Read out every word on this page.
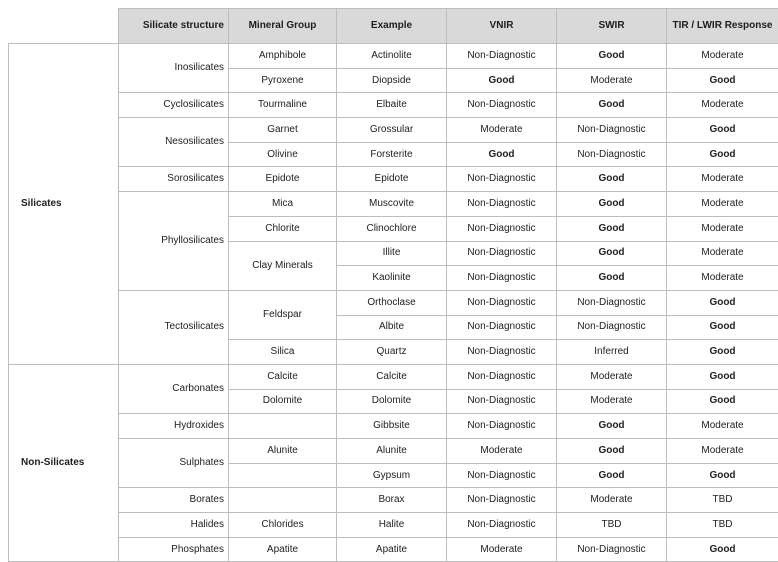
	Silicate structure	Mineral Group	Example	VNIR	SWIR	TIR / LWIR Response
Silicates	Inosilicates	Amphibole	Actinolite	Non-Diagnostic	Good	Moderate
		Pyroxene	Diopside	Good	Moderate	Good
	Cyclosilicates	Tourmaline	Elbaite	Non-Diagnostic	Good	Moderate
	Nesosilicates	Garnet	Grossular	Moderate	Non-Diagnostic	Good
		Olivine	Forsterite	Good	Non-Diagnostic	Good
	Sorosilicates	Epidote	Epidote	Non-Diagnostic	Good	Moderate
	Phyllosilicates	Mica	Muscovite	Non-Diagnostic	Good	Moderate
		Chlorite	Clinochlore	Non-Diagnostic	Good	Moderate
		Clay Minerals	Illite	Non-Diagnostic	Good	Moderate
			Kaolinite	Non-Diagnostic	Good	Moderate
	Tectosilicates	Feldspar	Orthoclase	Non-Diagnostic	Non-Diagnostic	Good
			Albite	Non-Diagnostic	Non-Diagnostic	Good
		Silica	Quartz	Non-Diagnostic	Inferred	Good
Non-Silicates	Carbonates	Calcite	Calcite	Non-Diagnostic	Moderate	Good
		Dolomite	Dolomite	Non-Diagnostic	Moderate	Good
	Hydroxides		Gibbsite	Non-Diagnostic	Good	Moderate
	Sulphates	Alunite	Alunite	Moderate	Good	Moderate
			Gypsum	Non-Diagnostic	Good	Good
	Borates		Borax	Non-Diagnostic	Moderate	TBD
	Halides	Chlorides	Halite	Non-Diagnostic	TBD	TBD
	Phosphates	Apatite	Apatite	Moderate	Non-Diagnostic	Good
